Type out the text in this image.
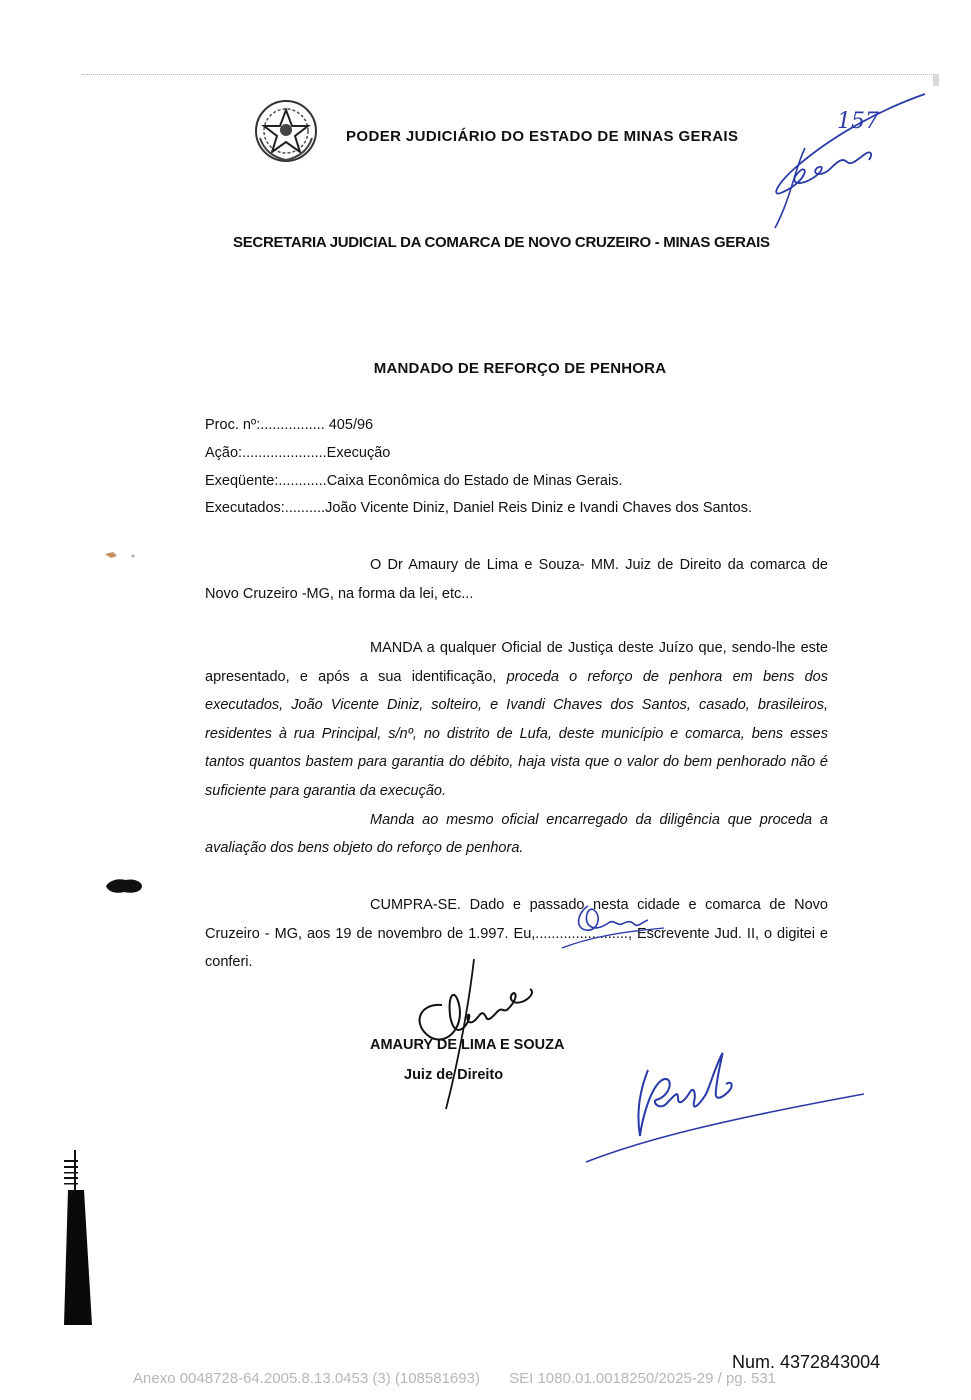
PODER JUDICIÁRIO DO ESTADO DE MINAS GERAIS
SECRETARIA JUDICIAL DA COMARCA DE NOVO CRUZEIRO - MINAS GERAIS
157
MANDADO DE REFORÇO DE PENHORA
Proc. nº:................ 405/96
Ação:.....................Execução
Exeqüente:............Caixa Econômica do Estado de Minas Gerais.
Executados:..........João Vicente Diniz, Daniel Reis Diniz e Ivandi Chaves dos Santos.

O Dr Amaury de Lima e Souza- MM. Juiz de Direito da comarca de Novo Cruzeiro -MG, na forma da lei, etc...

MANDA a qualquer Oficial de Justiça deste Juízo que, sendo-lhe este apresentado, e após a sua identificação, proceda o reforço de penhora em bens dos executados, João Vicente Diniz, solteiro, e Ivandi Chaves dos Santos, casado, brasileiros, residentes à rua Principal, s/nº, no distrito de Lufa, deste município e comarca, bens esses tantos quantos bastem para garantia do débito, haja vista que o valor do bem penhorado não é suficiente para garantia da execução.

Manda ao mesmo oficial encarregado da diligência que proceda a avaliação dos bens objeto do reforço de penhora.

CUMPRA-SE. Dado e passado nesta cidade e comarca de Novo Cruzeiro - MG, aos 19 de novembro de 1.997. Eu,......................., Escrevente Jud. II, o digitei e conferi.

AMAURY DE LIMA E SOUZA
Juiz de Direito
Num. 4372843004
Anexo 0048728-64.2005.8.13.0453 (3) (108581693)       SEI 1080.01.0018250/2025-29 / pg. 531
